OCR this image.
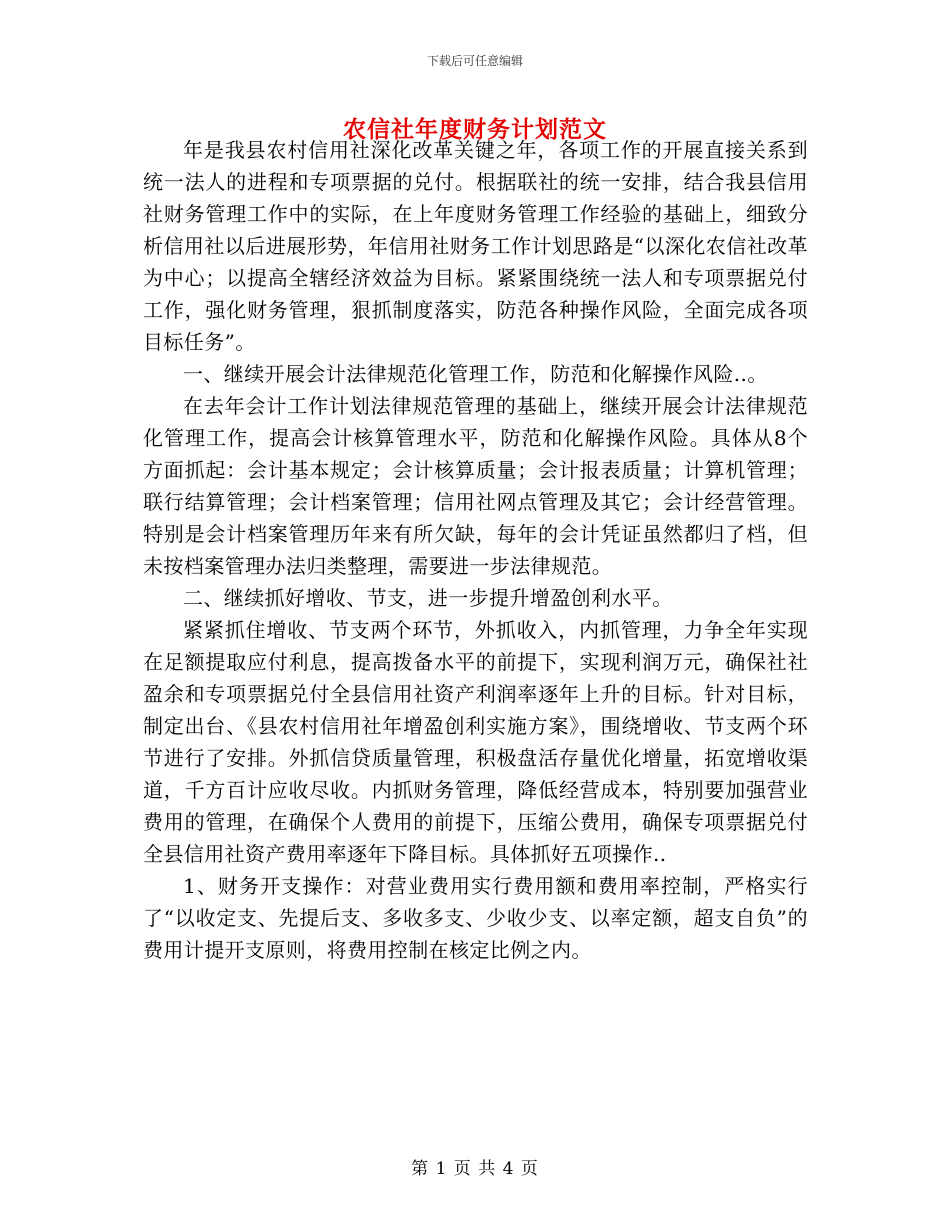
下载后可任意编辑
农信社年度财务计划范文

年是我县农村信用社深化改革关键之年，各项工作的开展直接关系到统一法人的进程和专项票据的兑付。根据联社的统一安排，结合我县信用社财务管理工作中的实际，在上年度财务管理工作经验的基础上，细致分析信用社以后进展形势，年信用社财务工作计划思路是“以深化农信社改革为中心；以提高全辖经济效益为目标。紧紧围绕统一法人和专项票据兑付工作，强化财务管理，狠抓制度落实，防范各种操作风险，全面完成各项目标任务”。

一、继续开展会计法律规范化管理工作，防范和化解操作风险..。

在去年会计工作计划法律规范管理的基础上，继续开展会计法律规范化管理工作，提高会计核算管理水平，防范和化解操作风险。具体从8个方面抓起：会计基本规定；会计核算质量；会计报表质量；计算机管理；联行结算管理；会计档案管理；信用社网点管理及其它；会计经营管理。特别是会计档案管理历年来有所欠缺，每年的会计凭证虽然都归了档，但未按档案管理办法归类整理，需要进一步法律规范。

二、继续抓好增收、节支，进一步提升增盈创利水平。

紧紧抓住增收、节支两个环节，外抓收入，内抓管理，力争全年实现在足额提取应付利息，提高拨备水平的前提下，实现利润万元，确保社社盈余和专项票据兑付全县信用社资产利润率逐年上升的目标。针对目标，制定出台、《县农村信用社年增盈创利实施方案》，围绕增收、节支两个环节进行了安排。外抓信贷质量管理，积极盘活存量优化增量，拓宽增收渠道，千方百计应收尽收。内抓财务管理，降低经营成本，特别要加强营业费用的管理，在确保个人费用的前提下，压缩公费用，确保专项票据兑付全县信用社资产费用率逐年下降目标。具体抓好五项操作..

1、财务开支操作：对营业费用实行费用额和费用率控制，严格实行了“以收定支、先提后支、多收多支、少收少支、以率定额，超支自负”的费用计提开支原则，将费用控制在核定比例之内。

第 1 页 共 4 页
